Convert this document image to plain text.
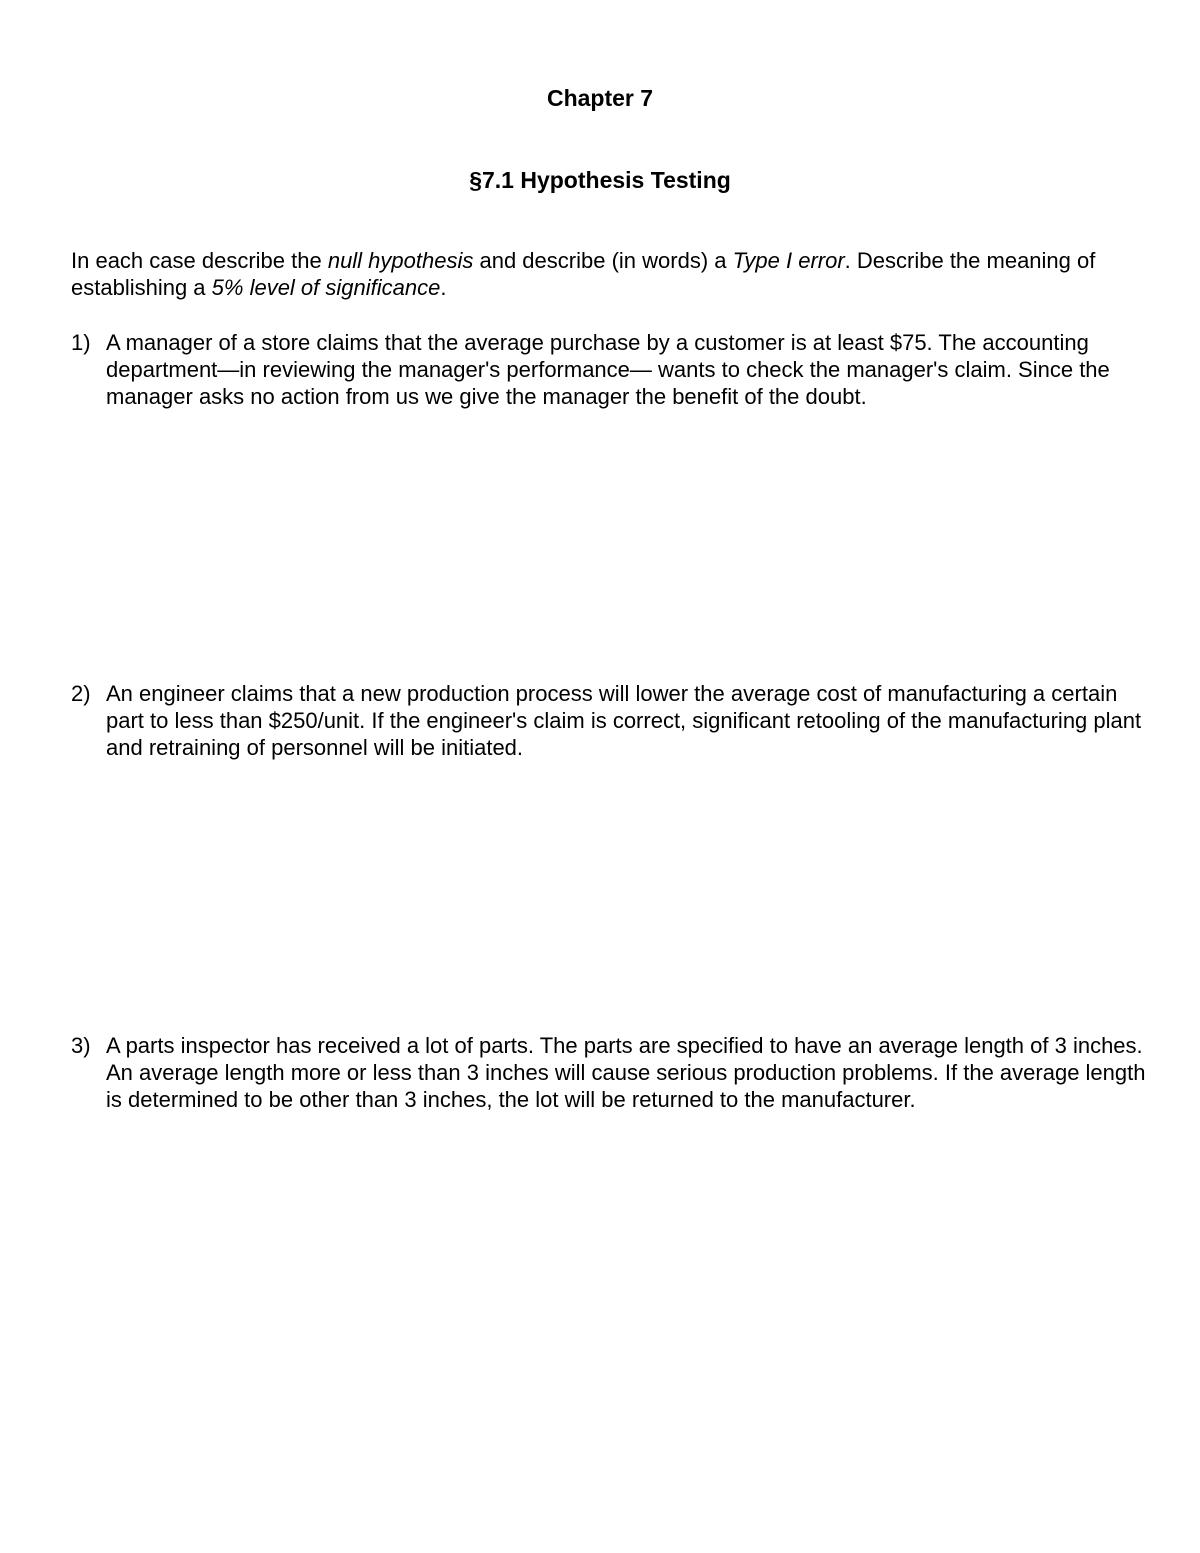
Chapter 7
§7.1 Hypothesis Testing

In each case describe the null hypothesis and describe (in words) a Type I error. Describe the meaning of establishing a 5% level of significance.

1) A manager of a store claims that the average purchase by a customer is at least $75. The accounting department—in reviewing the manager's performance— wants to check the manager's claim. Since the manager asks no action from us we give the manager the benefit of the doubt.
2) An engineer claims that a new production process will lower the average cost of manufacturing a certain part to less than $250/unit. If the engineer's claim is correct, significant retooling of the manufacturing plant and retraining of personnel will be initiated.
3) A parts inspector has received a lot of parts. The parts are specified to have an average length of 3 inches. An average length more or less than 3 inches will cause serious production problems. If the average length is determined to be other than 3 inches, the lot will be returned to the manufacturer.
